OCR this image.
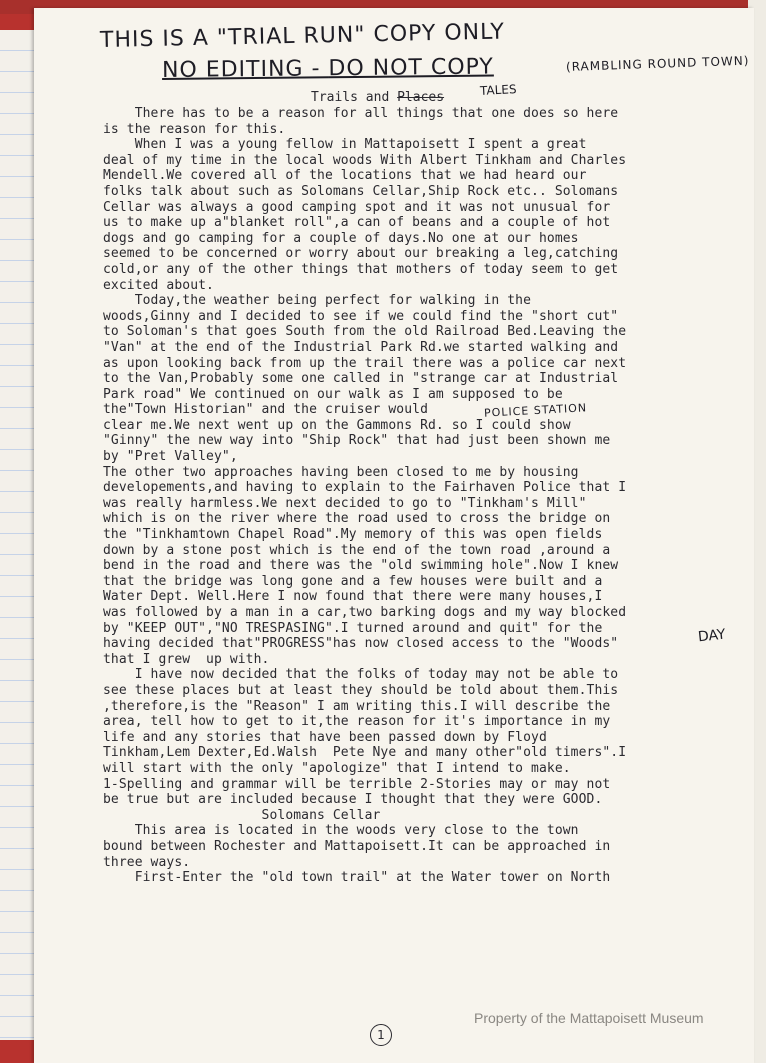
THIS IS A "TRIAL RUN" COPY ONLY
NO EDITING - DO NOT COPY	(RAMBLING ROUND TOWN)
Trails and Places	TALES
There has to be a reason for all things that one does so here
is the reason for this.
When I was a young fellow in Mattapoisett I spent a great
deal of my time in the local woods With Albert Tinkham and Charles
Mendell.We covered all of the locations that we had heard our
folks talk about such as Solomans Cellar,Ship Rock etc.. Solomans
Cellar was always a good camping spot and it was not unusual for
us to make up a"blanket roll",a can of beans and a couple of hot
dogs and go camping for a couple of days.No one at our homes
seemed to be concerned or worry about our breaking a leg,catching
cold,or any of the other things that mothers of today seem to get
excited about.
Today,the weather being perfect for walking in the
woods,Ginny and I decided to see if we could find the "short cut"
to Soloman's that goes South from the old Railroad Bed.Leaving the
"Van" at the end of the Industrial Park Rd.we started walking and
as upon looking back from up the trail there was a police car next
to the Van,Probably some one called in "strange car at Industrial
Park road" We continued on our walk as I am supposed to be
the"Town Historian" and the cruiser would
clear me.We next went up on the Gammons Rd. so I could show
"Ginny" the new way into "Ship Rock" that had just been shown me
by "Pret Valley",
The other two approaches having been closed to me by housing
developements,and having to explain to the Fairhaven Police that I
was really harmless.We next decided to go to "Tinkham's Mill"
which is on the river where the road used to cross the bridge on
the "Tinkhamtown Chapel Road".My memory of this was open fields
down by a stone post which is the end of the town road ,around a
bend in the road and there was the "old swimming hole".Now I knew
that the bridge was long gone and a few houses were built and a
Water Dept. Well.Here I now found that there were many houses,I
was followed by a man in a car,two barking dogs and my way blocked
by "KEEP OUT","NO TRESPASING".I turned around and quit" for the
having decided that"PROGRESS"has now closed access to the "Woods"
that I grew  up with.
I have now decided that the folks of today may not be able to
see these places but at least they should be told about them.This
,therefore,is the "Reason" I am writing this.I will describe the
area, tell how to get to it,the reason for it's importance in my
life and any stories that have been passed down by Floyd
Tinkham,Lem Dexter,Ed.Walsh  Pete Nye and many other"old timers".I
will start with the only "apologize" that I intend to make.
1-Spelling and grammar will be terrible 2-Stories may or may not
be true but are included because I thought that they were GOOD.
Solomans Cellar
This area is located in the woods very close to the town
bound between Rochester and Mattapoisett.It can be approached in
three ways.
First-Enter the "old town trail" at the Water tower on North
POLICE STATION
DAY
Property of the Mattapoisett Museum
1
